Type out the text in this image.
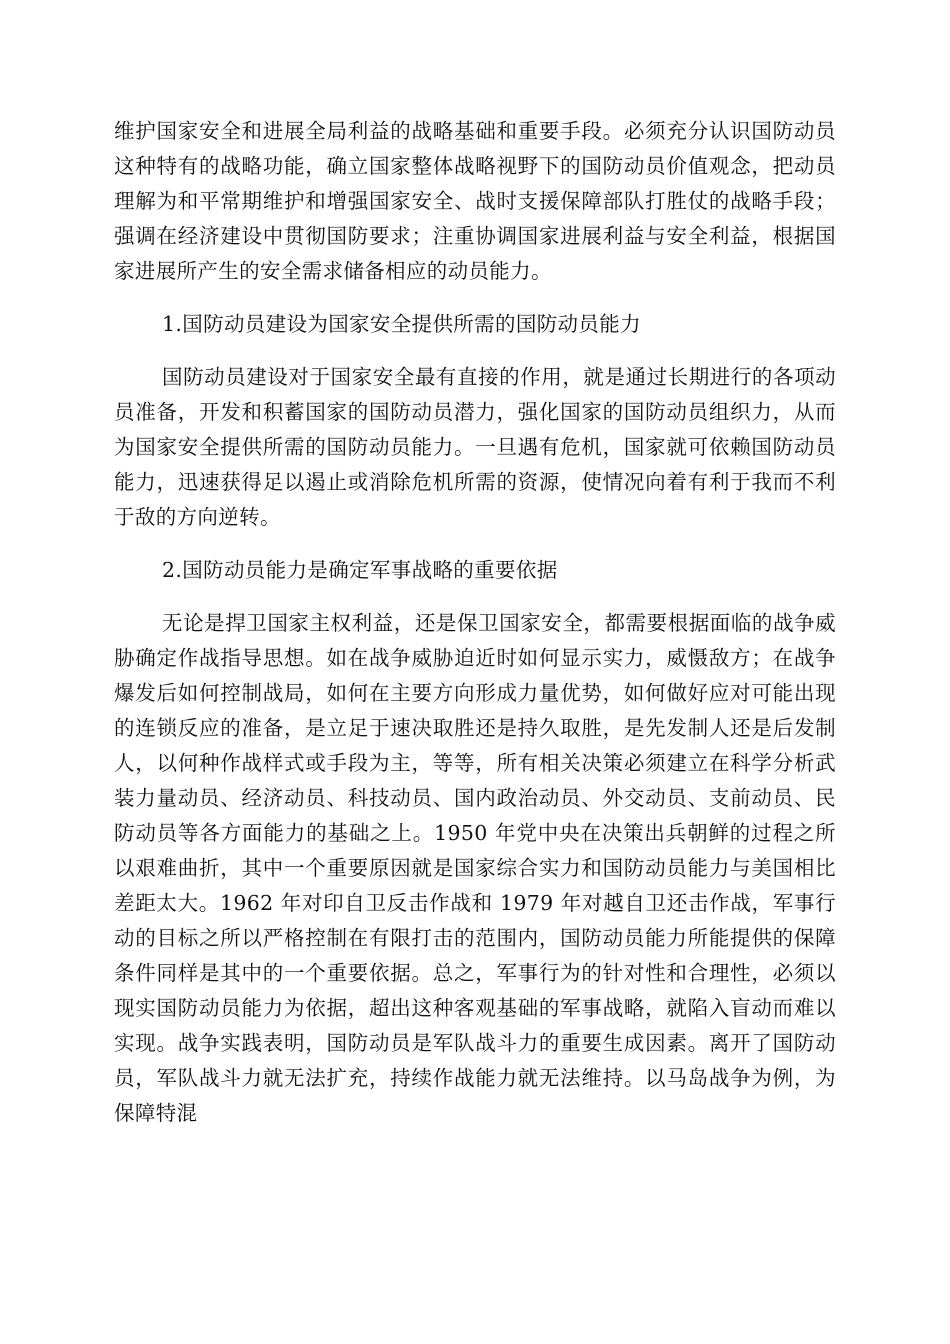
维护国家安全和进展全局利益的战略基础和重要手段。必须充分认识国防动员这种特有的战略功能，确立国家整体战略视野下的国防动员价值观念，把动员理解为和平常期维护和增强国家安全、战时支援保障部队打胜仗的战略手段；强调在经济建设中贯彻国防要求；注重协调国家进展利益与安全利益，根据国家进展所产生的安全需求储备相应的动员能力。

1.国防动员建设为国家安全提供所需的国防动员能力

国防动员建设对于国家安全最有直接的作用，就是通过长期进行的各项动员准备，开发和积蓄国家的国防动员潜力，强化国家的国防动员组织力，从而为国家安全提供所需的国防动员能力。一旦遇有危机，国家就可依赖国防动员能力，迅速获得足以遏止或消除危机所需的资源，使情况向着有利于我而不利于敌的方向逆转。

2.国防动员能力是确定军事战略的重要依据

无论是捍卫国家主权利益，还是保卫国家安全，都需要根据面临的战争威胁确定作战指导思想。如在战争威胁迫近时如何显示实力，威慑敌方；在战争爆发后如何控制战局，如何在主要方向形成力量优势，如何做好应对可能出现的连锁反应的准备，是立足于速决取胜还是持久取胜，是先发制人还是后发制人，以何种作战样式或手段为主，等等，所有相关决策必须建立在科学分析武装力量动员、经济动员、科技动员、国内政治动员、外交动员、支前动员、民防动员等各方面能力的基础之上。1950 年党中央在决策出兵朝鲜的过程之所以艰难曲折，其中一个重要原因就是国家综合实力和国防动员能力与美国相比差距太大。1962 年对印自卫反击作战和 1979 年对越自卫还击作战，军事行动的目标之所以严格控制在有限打击的范围内，国防动员能力所能提供的保障条件同样是其中的一个重要依据。总之，军事行为的针对性和合理性，必须以现实国防动员能力为依据，超出这种客观基础的军事战略，就陷入盲动而难以实现。战争实践表明，国防动员是军队战斗力的重要生成因素。离开了国防动员，军队战斗力就无法扩充，持续作战能力就无法维持。以马岛战争为例，为保障特混
